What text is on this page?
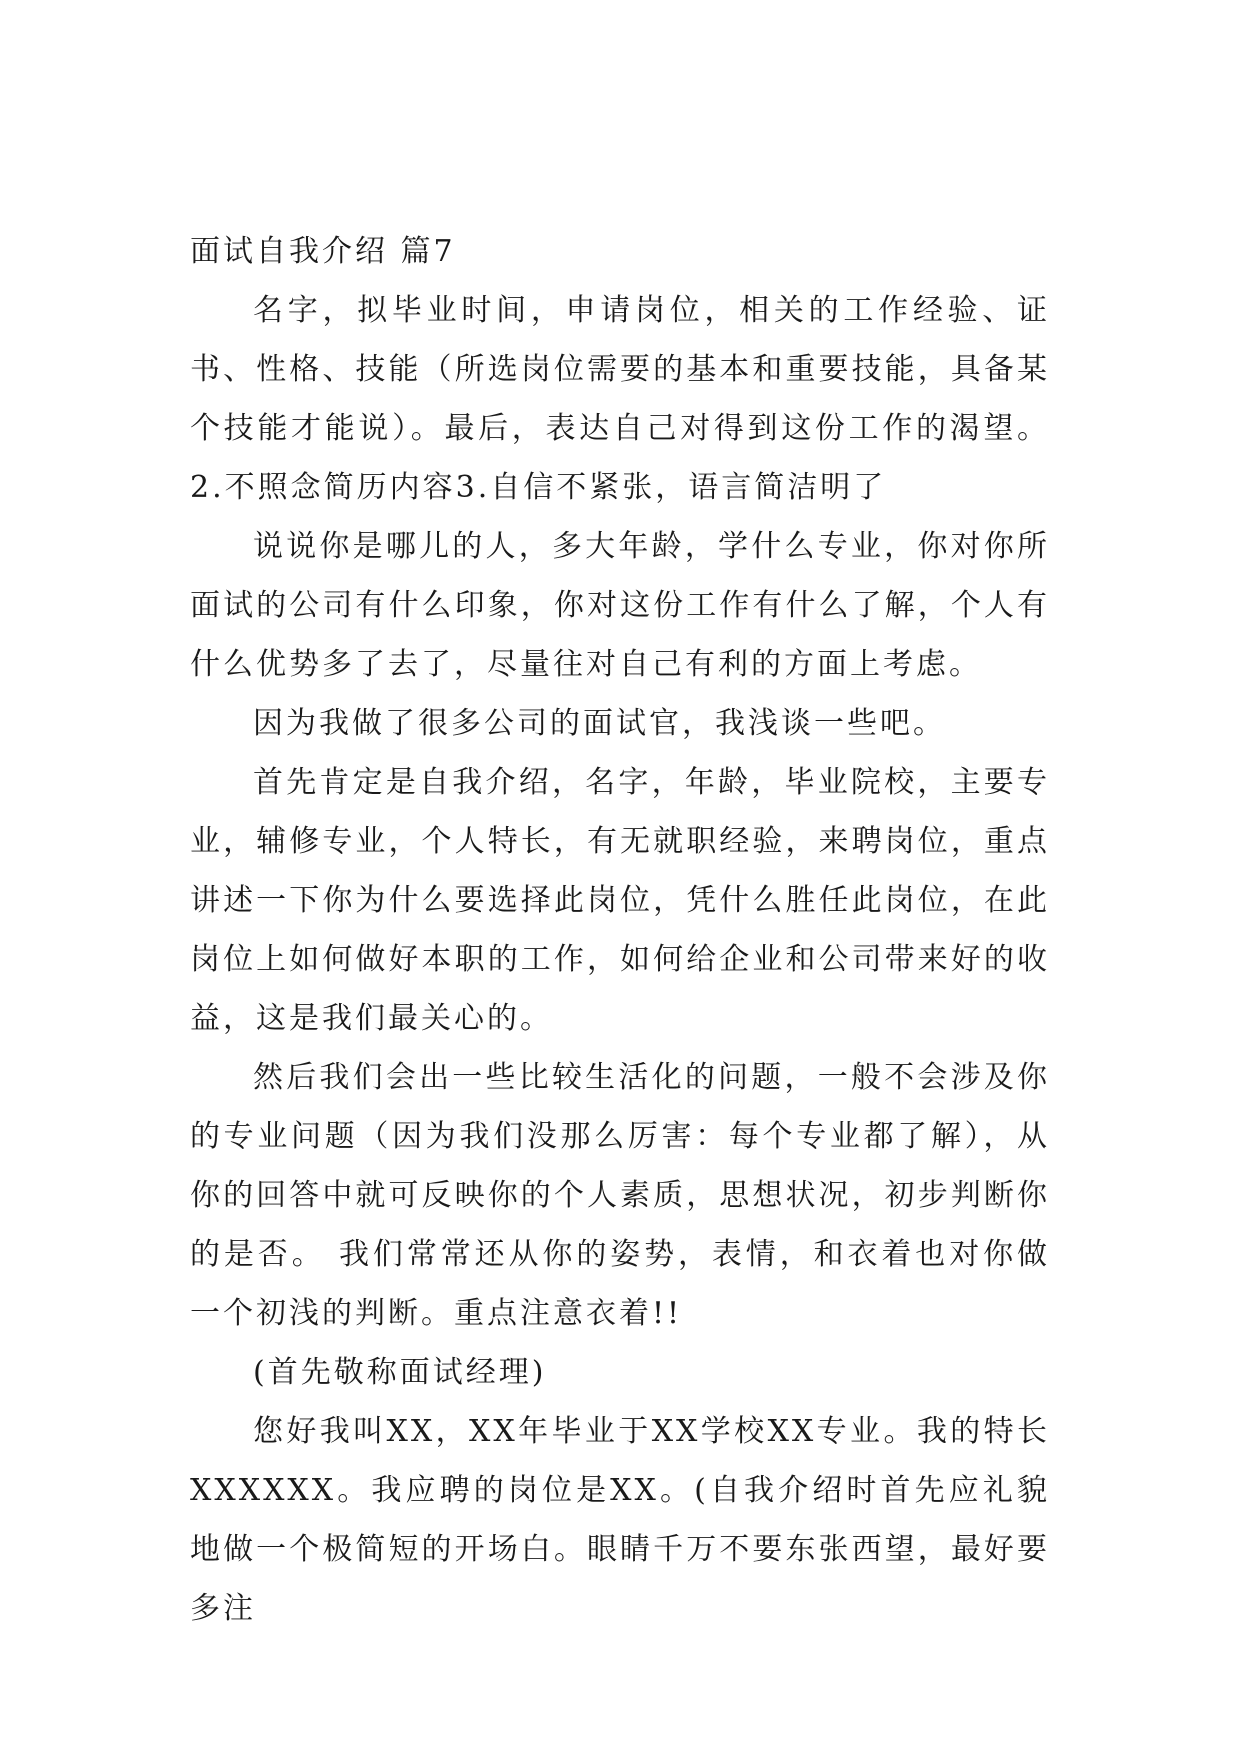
面试自我介绍 篇7

名字，拟毕业时间，申请岗位，相关的工作经验、证书、性格、技能（所选岗位需要的基本和重要技能，具备某个技能才能说）。最后，表达自己对得到这份工作的渴望。2.不照念简历内容3.自信不紧张，语言简洁明了

说说你是哪儿的人，多大年龄，学什么专业，你对你所面试的公司有什么印象，你对这份工作有什么了解，个人有什么优势多了去了，尽量往对自己有利的方面上考虑。

因为我做了很多公司的面试官，我浅谈一些吧。

首先肯定是自我介绍，名字，年龄，毕业院校，主要专业，辅修专业，个人特长，有无就职经验，来聘岗位，重点讲述一下你为什么要选择此岗位，凭什么胜任此岗位，在此岗位上如何做好本职的工作，如何给企业和公司带来好的收益，这是我们最关心的。

然后我们会出一些比较生活化的问题，一般不会涉及你的专业问题（因为我们没那么厉害：每个专业都了解），从你的回答中就可反映你的个人素质，思想状况，初步判断你的是否。 我们常常还从你的姿势，表情，和衣着也对你做一个初浅的判断。重点注意衣着!!

(首先敬称面试经理)

您好我叫XX，XX年毕业于XX学校XX专业。我的特长XXXXXX。我应聘的岗位是XX。(自我介绍时首先应礼貌地做一个极简短的开场白。眼睛千万不要东张西望，最好要多注
